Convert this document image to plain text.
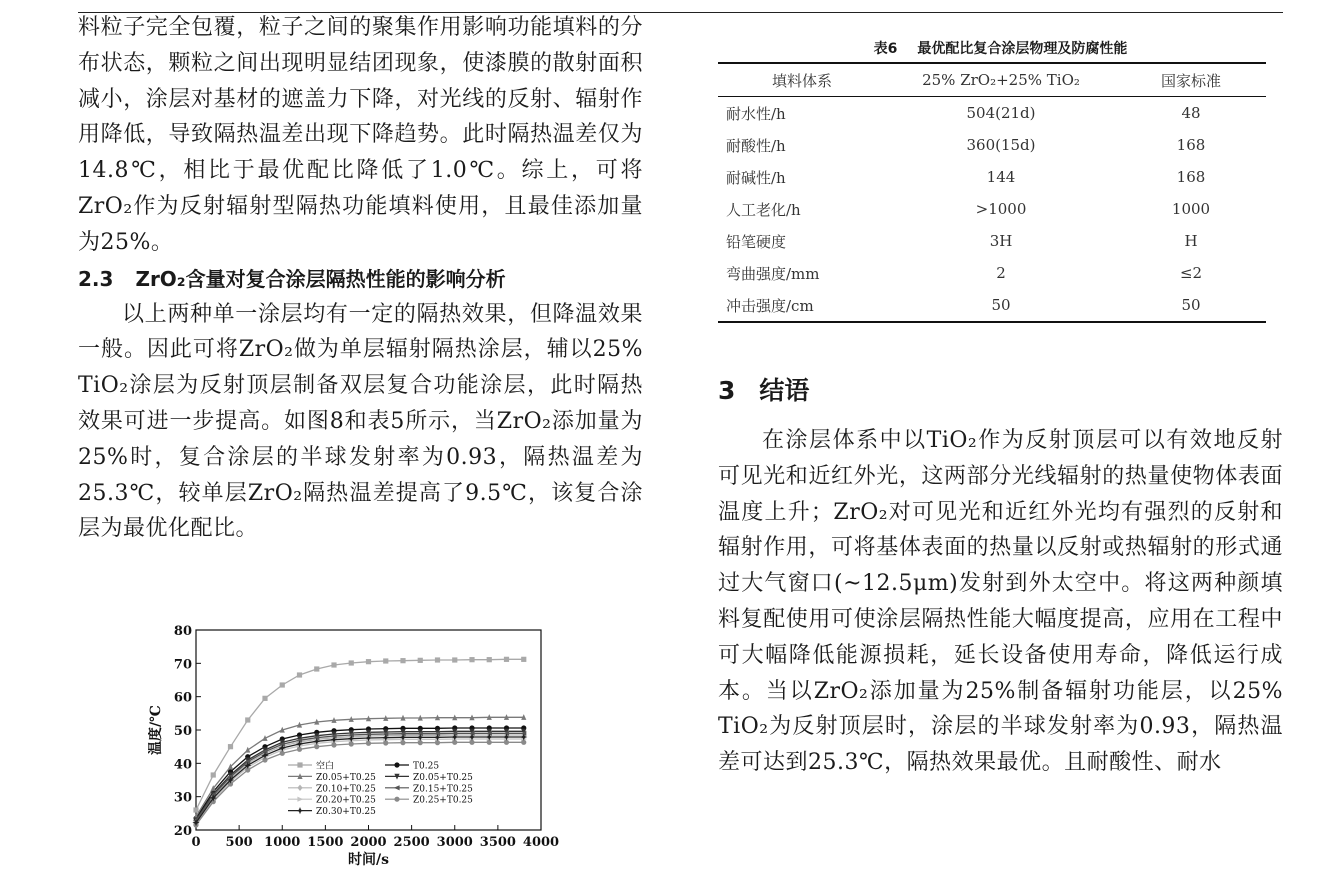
料粒子完全包覆，粒子之间的聚集作用影响功能填料的分布状态，颗粒之间出现明显结团现象，使漆膜的散射面积减小，涂层对基材的遮盖力下降，对光线的反射、辐射作用降低，导致隔热温差出现下降趋势。此时隔热温差仅为14.8℃，相比于最优配比降低了1.0℃。综上，可将ZrO₂作为反射辐射型隔热功能填料使用，且最佳添加量为25%。

2.3 ZrO₂含量对复合涂层隔热性能的影响分析

以上两种单一涂层均有一定的隔热效果，但降温效果一般。因此可将ZrO₂做为单层辐射隔热涂层，辅以25% TiO₂涂层为反射顶层制备双层复合功能涂层，此时隔热效果可进一步提高。如图8和表5所示，当ZrO₂添加量为25%时，复合涂层的半球发射率为0.93，隔热温差为25.3℃，较单层ZrO₂隔热温差提高了9.5℃，该复合涂层为最优化配比。

0 500 1000 1500 2000 2500 3000 3500 4000
20
30
40
50
60
70
80
时间/s
温度/℃
空白
Z0.05+T0.25
Z0.10+T0.25
Z0.20+T0.25
Z0.30+T0.25
T0.25
Z0.05+T0.25
Z0.15+T0.25
Z0.25+T0.25
表6 最优配比复合涂层物理及防腐性能
填料体系	25% ZrO₂+25% TiO₂	国家标准
耐水性/h	504(21d)	48
耐酸性/h	360(15d)	168
耐碱性/h	144	168
人工老化/h	>1000	1000
铅笔硬度	3H	H
弯曲强度/mm	2	≤2
冲击强度/cm	50	50
3 结语

在涂层体系中以TiO₂作为反射顶层可以有效地反射可见光和近红外光，这两部分光线辐射的热量使物体表面温度上升；ZrO₂对可见光和近红外光均有强烈的反射和辐射作用，可将基体表面的热量以反射或热辐射的形式通过大气窗口(~12.5μm)发射到外太空中。将这两种颜填料复配使用可使涂层隔热性能大幅度提高，应用在工程中可大幅降低能源损耗，延长设备使用寿命，降低运行成本。当以ZrO₂添加量为25%制备辐射功能层，以25% TiO₂为反射顶层时，涂层的半球发射率为0.93，隔热温差可达到25.3℃，隔热效果最优。且耐酸性、耐水
